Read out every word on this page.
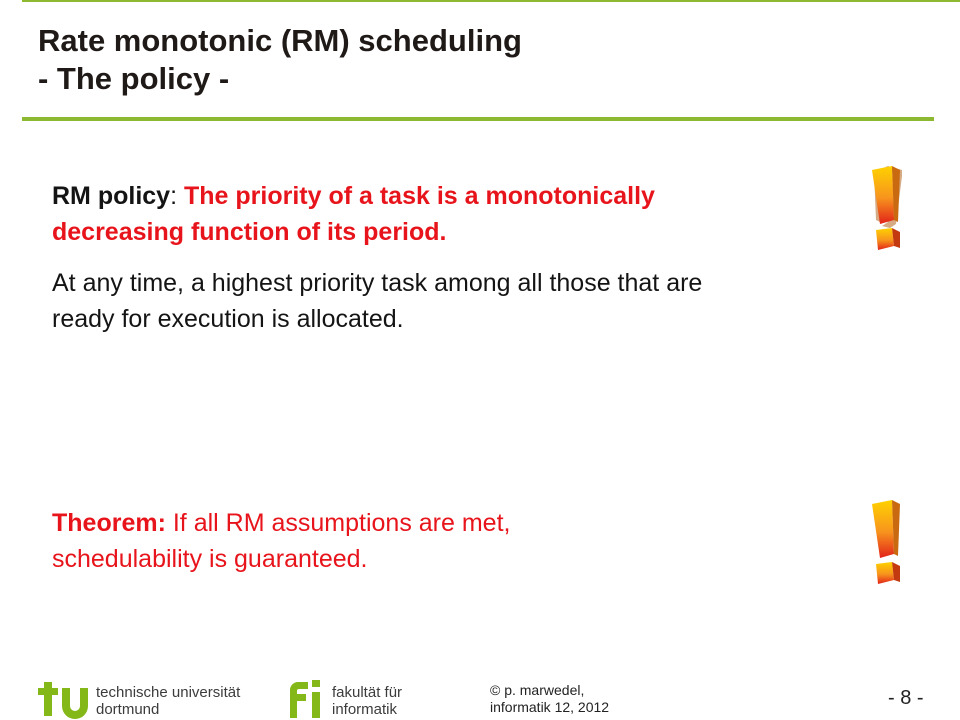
Rate monotonic (RM) scheduling
- The policy -

RM policy: The priority of a task is a monotonically
decreasing function of its period.

At any time, a highest priority task among all those that are
ready for execution is allocated.

Theorem: If all RM assumptions are met,
schedulability is guaranteed.

technische universität
dortmund
fakultät für
informatik
© p. marwedel,
informatik 12, 2012	- 8 -
